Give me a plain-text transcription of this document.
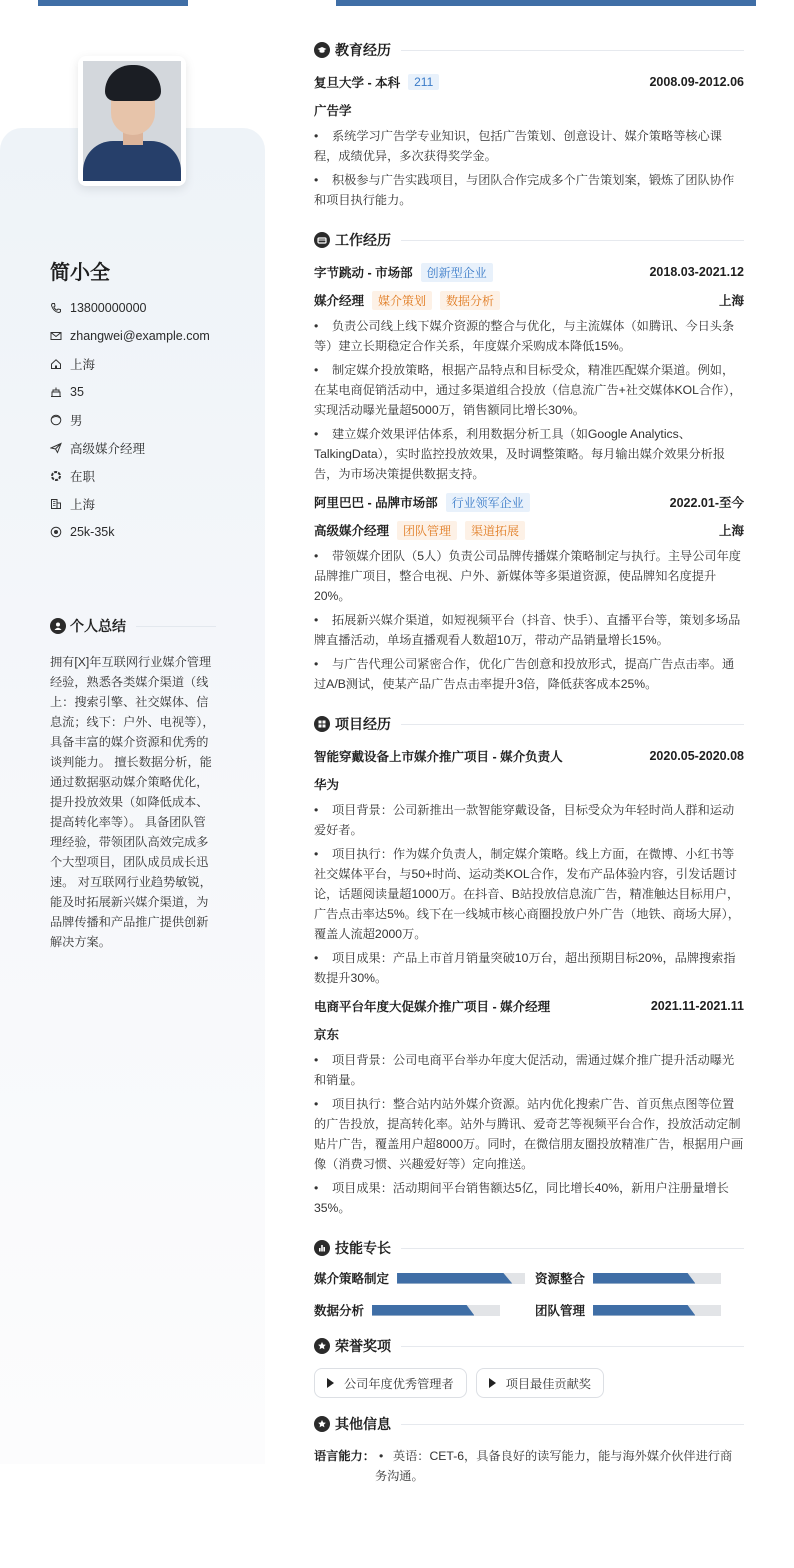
简小全
13800000000
zhangwei@example.com
上海
35
男
高级媒介经理
在职
上海
25k-35k
个人总结

拥有[X]年互联网行业媒介管理经验，熟悉各类媒介渠道（线上：搜索引擎、社交媒体、信息流；线下：户外、电视等），具备丰富的媒介资源和优秀的谈判能力。 擅长数据分析，能通过数据驱动媒介策略优化，提升投放效果（如降低成本、提高转化率等）。 具备团队管理经验，带领团队高效完成多个大型项目，团队成员成长迅速。 对互联网行业趋势敏锐，能及时拓展新兴媒介渠道，为品牌传播和产品推广提供创新解决方案。

教育经历
复旦大学 - 本科	211	2008.09-2012.06
广告学
• 系统学习广告学专业知识，包括广告策划、创意设计、媒介策略等核心课程，成绩优异，多次获得奖学金。
• 积极参与广告实践项目，与团队合作完成多个广告策划案，锻炼了团队协作和项目执行能力。
工作经历
字节跳动 - 市场部	创新型企业	2018.03-2021.12
媒介经理	媒介策划	数据分析	上海
• 负责公司线上线下媒介资源的整合与优化，与主流媒体（如腾讯、今日头条等）建立长期稳定合作关系，年度媒介采购成本降低15%。
• 制定媒介投放策略，根据产品特点和目标受众，精准匹配媒介渠道。例如，在某电商促销活动中，通过多渠道组合投放（信息流广告+社交媒体KOL合作），实现活动曝光量超5000万，销售额同比增长30%。
• 建立媒介效果评估体系，利用数据分析工具（如Google Analytics、TalkingData），实时监控投放效果，及时调整策略。每月输出媒介效果分析报告，为市场决策提供数据支持。
阿里巴巴 - 品牌市场部	行业领军企业	2022.01-至今
高级媒介经理	团队管理	渠道拓展	上海
• 带领媒介团队（5人）负责公司品牌传播媒介策略制定与执行。主导公司年度品牌推广项目，整合电视、户外、新媒体等多渠道资源，使品牌知名度提升20%。
• 拓展新兴媒介渠道，如短视频平台（抖音、快手）、直播平台等，策划多场品牌直播活动，单场直播观看人数超10万，带动产品销量增长15%。
• 与广告代理公司紧密合作，优化广告创意和投放形式，提高广告点击率。通过A/B测试，使某产品广告点击率提升3倍，降低获客成本25%。
项目经历
智能穿戴设备上市媒介推广项目 - 媒介负责人	2020.05-2020.08
华为
• 项目背景：公司新推出一款智能穿戴设备，目标受众为年轻时尚人群和运动爱好者。
• 项目执行：作为媒介负责人，制定媒介策略。线上方面，在微博、小红书等社交媒体平台，与50+时尚、运动类KOL合作，发布产品体验内容，引发话题讨论，话题阅读量超1000万。在抖音、B站投放信息流广告，精准触达目标用户，广告点击率达5%。线下在一线城市核心商圈投放户外广告（地铁、商场大屏），覆盖人流超2000万。
• 项目成果：产品上市首月销量突破10万台，超出预期目标20%，品牌搜索指数提升30%。
电商平台年度大促媒介推广项目 - 媒介经理	2021.11-2021.11
京东
• 项目背景：公司电商平台举办年度大促活动，需通过媒介推广提升活动曝光和销量。
• 项目执行：整合站内站外媒介资源。站内优化搜索广告、首页焦点图等位置的广告投放，提高转化率。站外与腾讯、爱奇艺等视频平台合作，投放活动定制贴片广告，覆盖用户超8000万。同时，在微信朋友圈投放精准广告，根据用户画像（消费习惯、兴趣爱好等）定向推送。
• 项目成果：活动期间平台销售额达5亿，同比增长40%，新用户注册量增长35%。
技能专长
媒介策略制定	资源整合
数据分析	团队管理
荣誉奖项
公司年度优秀管理者	项目最佳贡献奖
其他信息
语言能力： • 英语：CET-6，具备良好的读写能力，能与海外媒介伙伴进行商务沟通。
